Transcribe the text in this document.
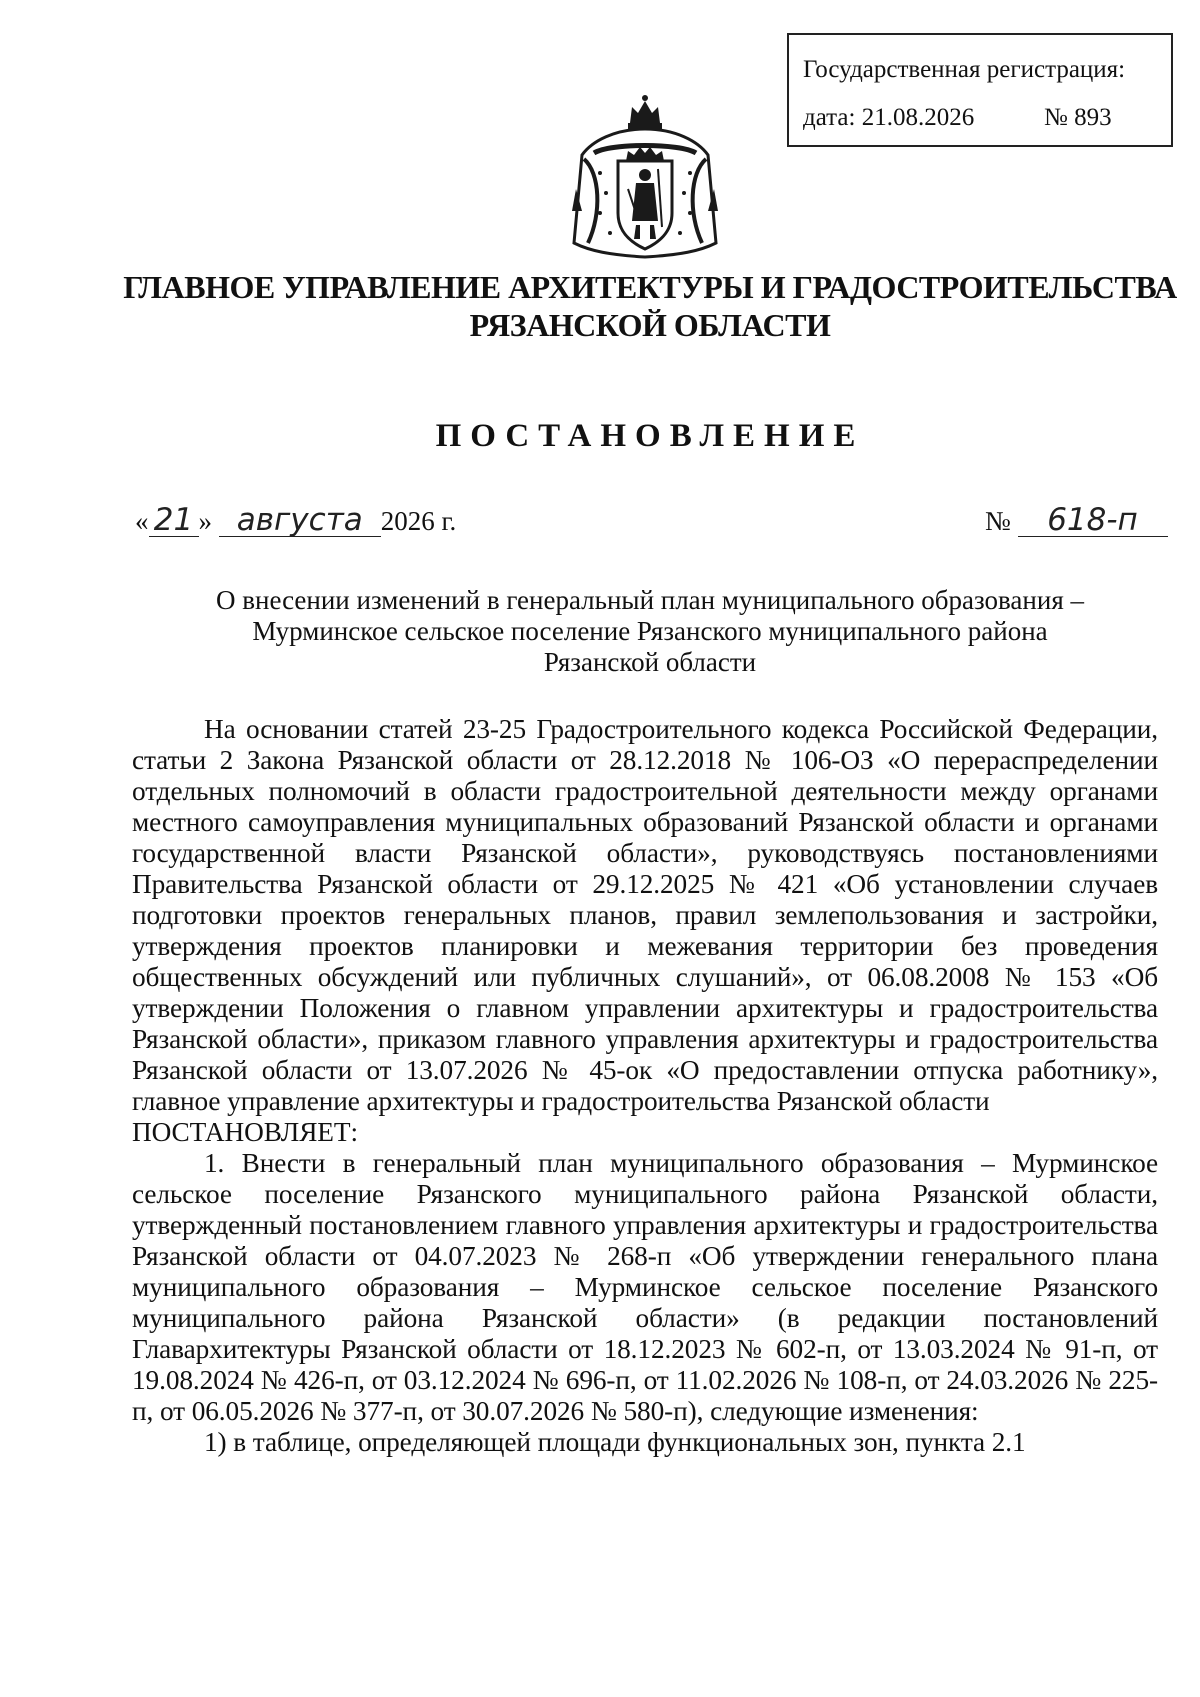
Государственная регистрация:
дата: 21.08.2026	№ 893
ГЛАВНОЕ УПРАВЛЕНИЕ АРХИТЕКТУРЫ И ГРАДОСТРОИТЕЛЬСТВА
РЯЗАНСКОЙ ОБЛАСТИ
ПОСТАНОВЛЕНИЕ
« 21 » августа 2026 г.	№ 618-п
О внесении изменений в генеральный план муниципального образования –
Мурминское сельское поселение Рязанского муниципального района
Рязанской области

На основании статей 23-25 Градостроительного кодекса Российской Федерации, статьи 2 Закона Рязанской области от 28.12.2018 № 106-ОЗ «О перераспределении отдельных полномочий в области градостроительной деятельности между органами местного самоуправления муниципальных образований Рязанской области и органами государственной власти Рязанской области», руководствуясь постановлениями Правительства Рязанской области от 29.12.2025 № 421 «Об установлении случаев подготовки проектов генеральных планов, правил землепользования и застройки, утверждения проектов планировки и межевания территории без проведения общественных обсуждений или публичных слушаний», от 06.08.2008 № 153 «Об утверждении Положения о главном управлении архитектуры и градостроительства Рязанской области», приказом главного управления архитектуры и градостроительства Рязанской области от 13.07.2026 № 45-ок «О предоставлении отпуска работнику», главное управление архитектуры и градостроительства Рязанской области

ПОСТАНОВЛЯЕТ:

1. Внести в генеральный план муниципального образования – Мурминское сельское поселение Рязанского муниципального района Рязанской области, утвержденный постановлением главного управления архитектуры и градостроительства Рязанской области от 04.07.2023 № 268-п «Об утверждении генерального плана муниципального образования – Мурминское сельское поселение Рязанского муниципального района Рязанской области» (в редакции постановлений Главархитектуры Рязанской области от 18.12.2023 № 602-п, от 13.03.2024 № 91-п, от 19.08.2024 № 426-п, от 03.12.2024 № 696-п, от 11.02.2026 № 108-п, от 24.03.2026 № 225-п, от 06.05.2026 № 377-п, от 30.07.2026 № 580-п), следующие изменения:

1) в таблице, определяющей площади функциональных зон, пункта 2.1
